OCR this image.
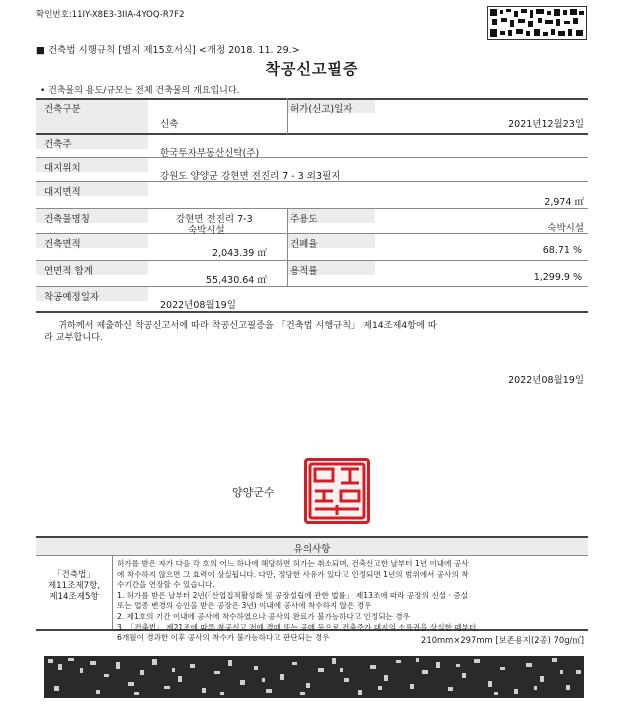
확인번호:11IY-X8E3-3IIA-4YOQ-R7F2
■ 건축법 시행규칙 [별지 제15호서식] <개정 2018. 11. 29.>
착공신고필증
• 건축물의 용도/규모는 전체 건축물의 개요입니다.
건축구분
신축
허가(신고)일자
2021년12월23일
건축주
한국투자부동산신탁(주)
대지위치
강원도 양양군 강현면 전진리 7 - 3 외3필지
대지면적
2,974 ㎡
건축물명칭	강현면 전진리 7-3
숙박시설
주용도
숙박시설
건축면적
2,043.39 ㎡
건폐율
68.71 %
연면적 합계
55,430.64 ㎡
용적률
1,299.9 %
착공예정일자
2022년08월19일
귀하께서 제출하신 착공신고서에 따라 착공신고필증을 「건축법 시행규칙」 제14조제4항에 따
라 교부합니다.
2022년08월19일
양양군수
유의사항
「건축법」
제11조제7항,
제14조제5항
허가를 받은 자가 다음 각 호의 어느 하나에 해당하면 허가는 취소되며, 건축신고한 날부터 1년 이내에 공사
에 착수하지 않으면 그 효력이 상실됩니다. 다만, 정당한 사유가 있다고 인정되면 1년의 범위에서 공사의 착
수기간을 연장할 수 있습니다.
1. 허가를 받은 날부터 2년(「산업집적활성화 및 공장설립에 관한 법률」 제13조에 따라 공장의 신설 · 증설
또는 업종 변경의 승인을 받은 공장은 3년) 이내에 공사에 착수하지 않은 경우
2. 제1호의 기간 이내에 공사에 착수하였으나 공사의 완료가 불가능하다고 인정되는 경우
3. 「건축법」 제21조에 따른 착공신고 전에 경매 또는 공매 등으로 건축주가 대지의 소유권을 상실한 때부터
6개월이 경과한 이후 공사의 착수가 불가능하다고 판단되는 경우	210mm×297mm [보존용지(2종) 70g/㎡]
